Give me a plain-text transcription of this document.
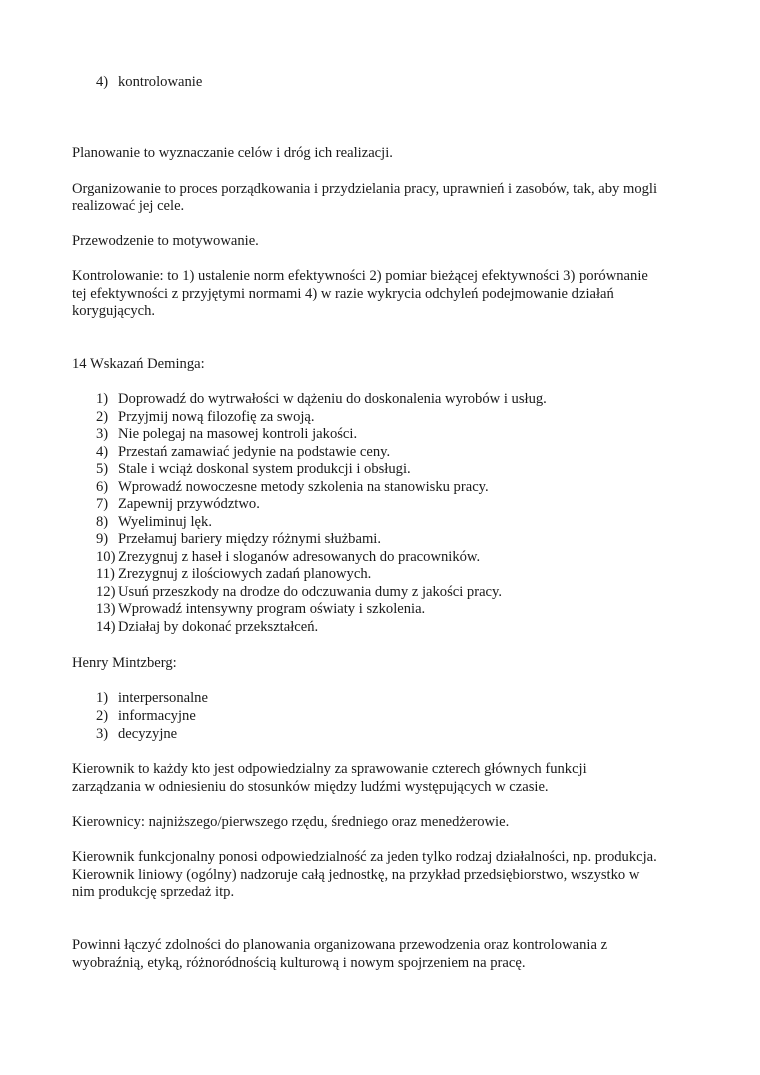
4) kontrolowanie
Planowanie to wyznaczanie celów i dróg ich realizacji.
Organizowanie to proces porządkowania i przydzielania pracy, uprawnień i zasobów, tak, aby mogli
realizować jej cele.
Przewodzenie to motywowanie.
Kontrolowanie: to 1) ustalenie norm efektywności 2) pomiar bieżącej efektywności 3) porównanie
tej efektywności z przyjętymi normami 4) w razie wykrycia odchyleń podejmowanie działań
korygujących.
14 Wskazań Deminga:
1) Doprowadź do wytrwałości w dążeniu do doskonalenia wyrobów i usług.
2) Przyjmij nową filozofię za swoją.
3) Nie polegaj na masowej kontroli jakości.
4) Przestań zamawiać jedynie na podstawie ceny.
5) Stale i wciąż doskonal system produkcji i obsługi.
6) Wprowadź nowoczesne metody szkolenia na stanowisku pracy.
7) Zapewnij przywództwo.
8) Wyeliminuj lęk.
9) Przełamuj bariery między różnymi służbami.
10) Zrezygnuj z haseł i sloganów adresowanych do pracowników.
11) Zrezygnuj z ilościowych zadań planowych.
12) Usuń przeszkody na drodze do odczuwania dumy z jakości pracy.
13) Wprowadź intensywny program oświaty i szkolenia.
14) Działaj by dokonać przekształceń.
Henry Mintzberg:
1) interpersonalne
2) informacyjne
3) decyzyjne
Kierownik to każdy kto jest odpowiedzialny za sprawowanie czterech głównych funkcji
zarządzania w odniesieniu do stosunków między ludźmi występujących w czasie.
Kierownicy: najniższego/pierwszego rzędu, średniego oraz menedżerowie.
Kierownik funkcjonalny ponosi odpowiedzialność za jeden tylko rodzaj działalności, np. produkcja.
Kierownik liniowy (ogólny) nadzoruje całą jednostkę, na przykład przedsiębiorstwo, wszystko w
nim produkcję sprzedaż itp.
Powinni łączyć zdolności do planowania organizowana przewodzenia oraz kontrolowania z
wyobraźnią, etyką, różnoródnością kulturową i nowym spojrzeniem na pracę.
